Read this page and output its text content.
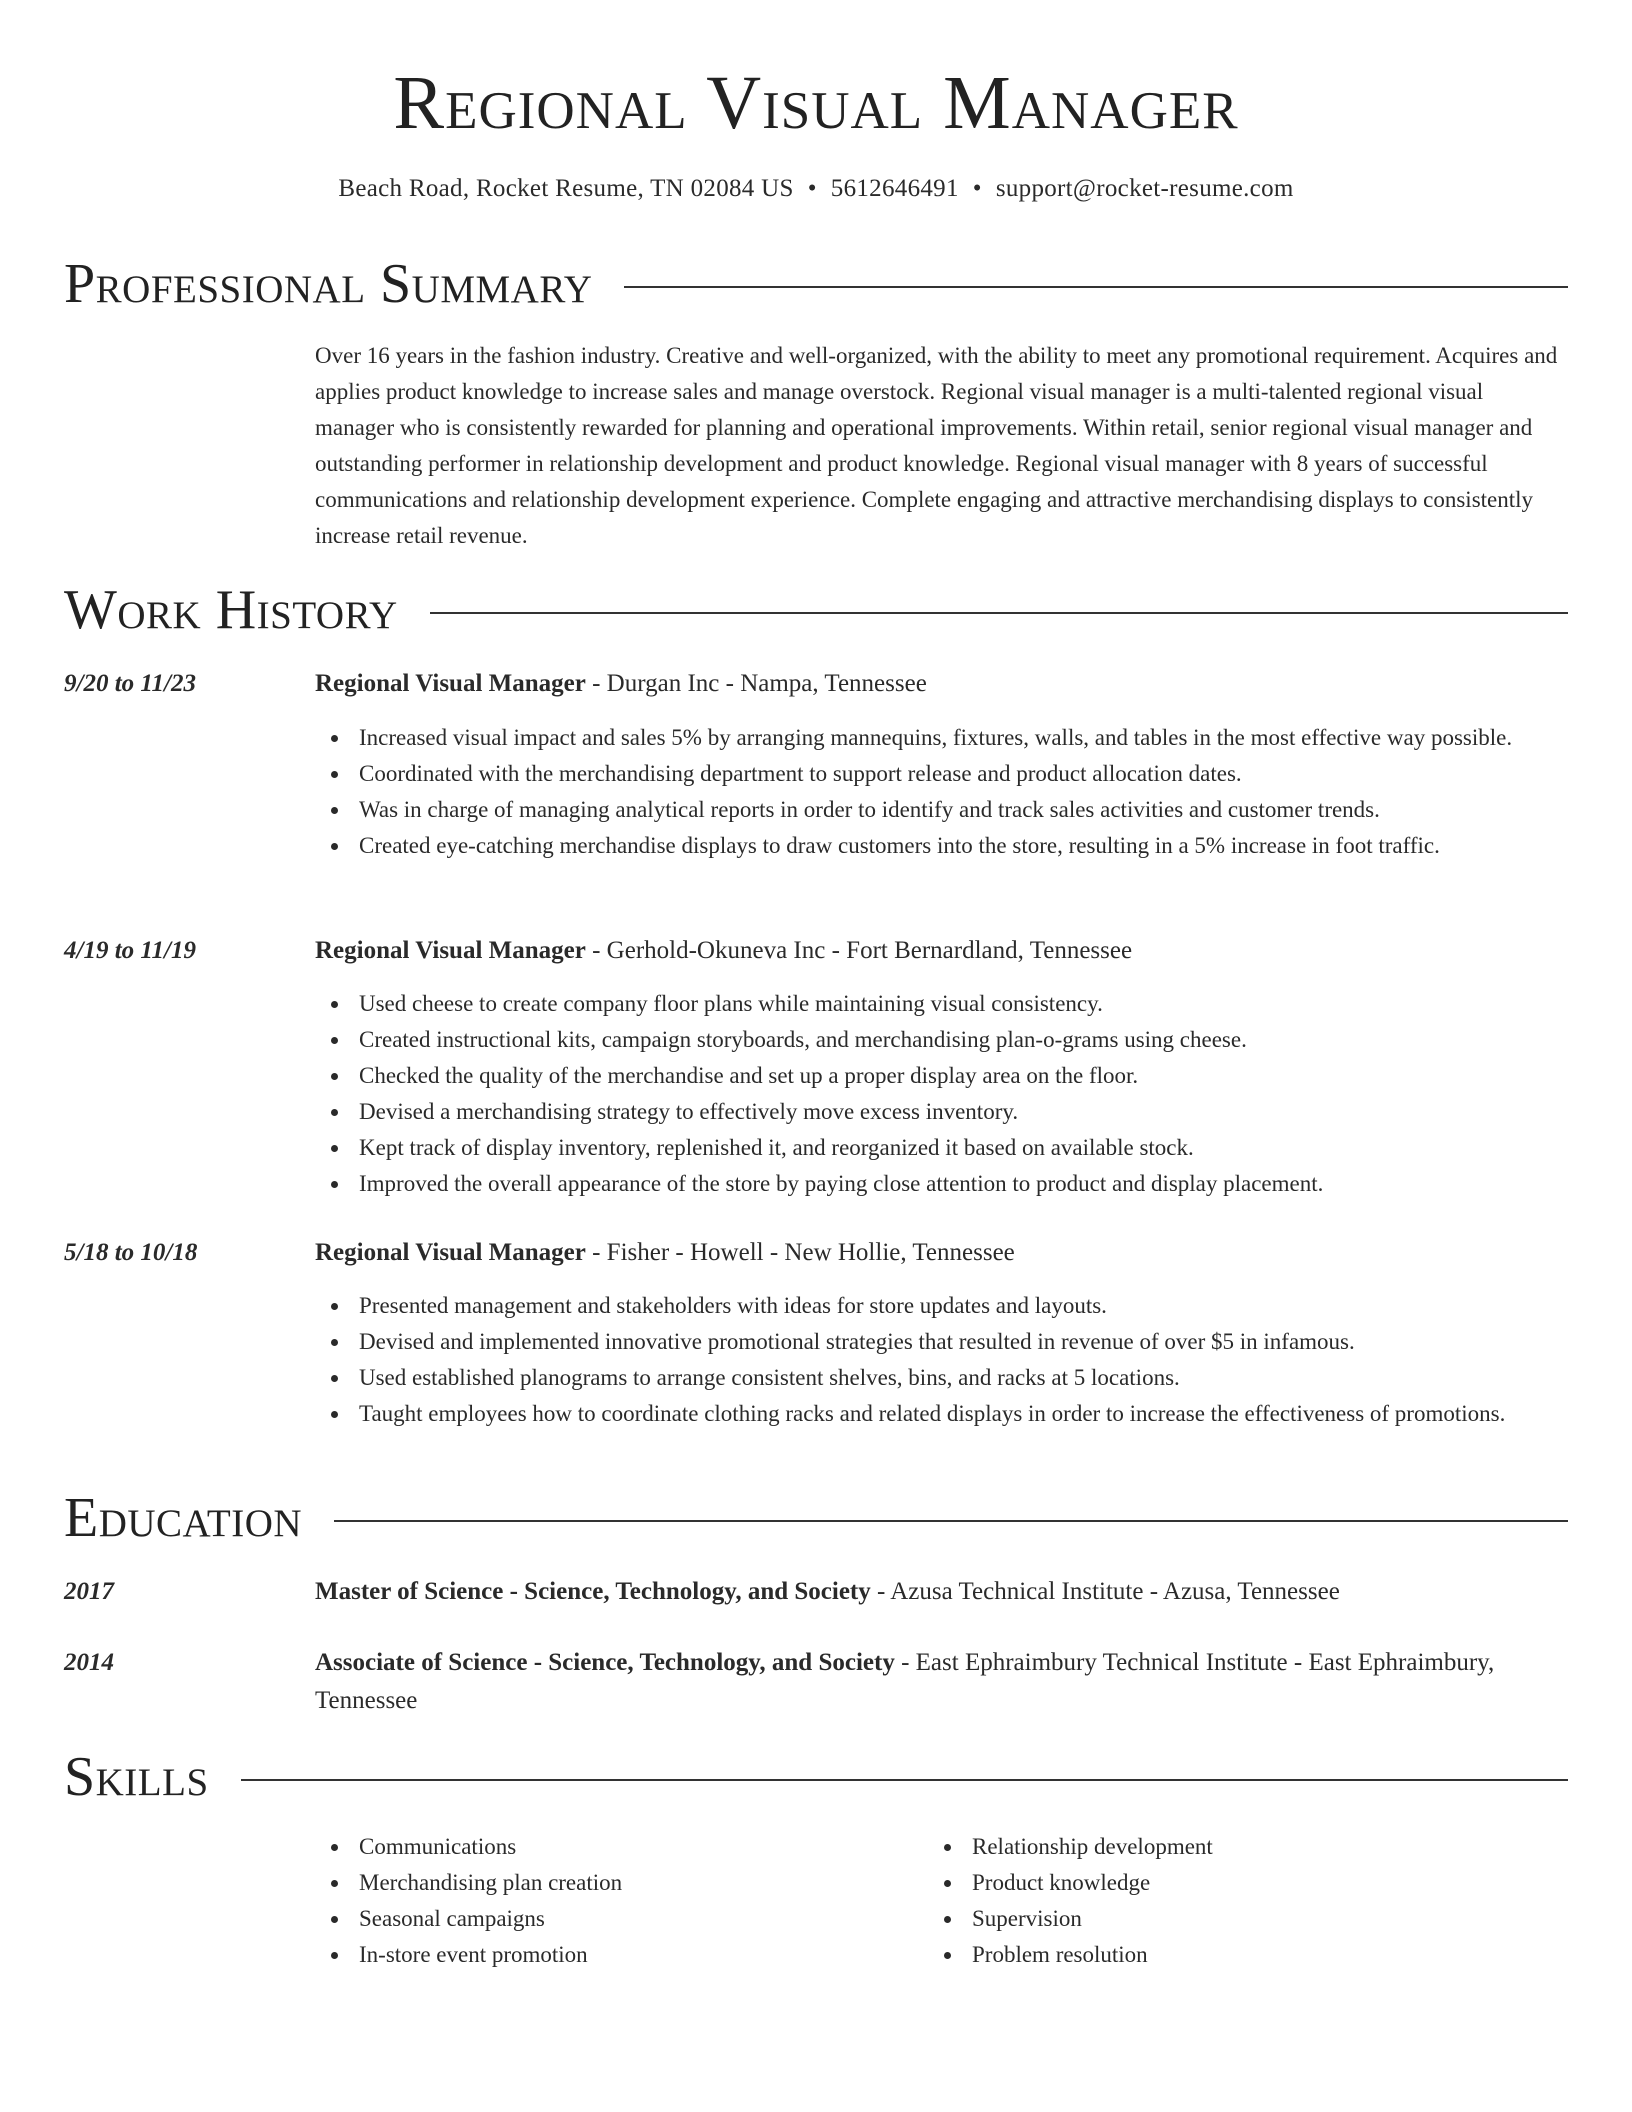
Regional Visual Manager
Beach Road, Rocket Resume, TN 02084 US • 5612646491 • support@rocket-resume.com
Professional Summary

Over 16 years in the fashion industry. Creative and well-organized, with the ability to meet any promotional requirement. Acquires and applies product knowledge to increase sales and manage overstock. Regional visual manager is a multi-talented regional visual manager who is consistently rewarded for planning and operational improvements. Within retail, senior regional visual manager and outstanding performer in relationship development and product knowledge. Regional visual manager with 8 years of successful communications and relationship development experience. Complete engaging and attractive merchandising displays to consistently increase retail revenue.

Work History
9/20 to 11/23	Regional Visual Manager - Durgan Inc - Nampa, Tennessee
Increased visual impact and sales 5% by arranging mannequins, fixtures, walls, and tables in the most effective way possible.
Coordinated with the merchandising department to support release and product allocation dates.
Was in charge of managing analytical reports in order to identify and track sales activities and customer trends.
Created eye-catching merchandise displays to draw customers into the store, resulting in a 5% increase in foot traffic.
4/19 to 11/19	Regional Visual Manager - Gerhold-Okuneva Inc - Fort Bernardland, Tennessee
Used cheese to create company floor plans while maintaining visual consistency.
Created instructional kits, campaign storyboards, and merchandising plan-o-grams using cheese.
Checked the quality of the merchandise and set up a proper display area on the floor.
Devised a merchandising strategy to effectively move excess inventory.
Kept track of display inventory, replenished it, and reorganized it based on available stock.
Improved the overall appearance of the store by paying close attention to product and display placement.
5/18 to 10/18	Regional Visual Manager - Fisher - Howell - New Hollie, Tennessee
Presented management and stakeholders with ideas for store updates and layouts.
Devised and implemented innovative promotional strategies that resulted in revenue of over $5 in infamous.
Used established planograms to arrange consistent shelves, bins, and racks at 5 locations.
Taught employees how to coordinate clothing racks and related displays in order to increase the effectiveness of promotions.
Education
2017	Master of Science - Science, Technology, and Society - Azusa Technical Institute - Azusa, Tennessee
2014	Associate of Science - Science, Technology, and Society - East Ephraimbury Technical Institute - East Ephraimbury, Tennessee
Skills
Communications
Merchandising plan creation
Seasonal campaigns
In-store event promotion
Relationship development
Product knowledge
Supervision
Problem resolution
